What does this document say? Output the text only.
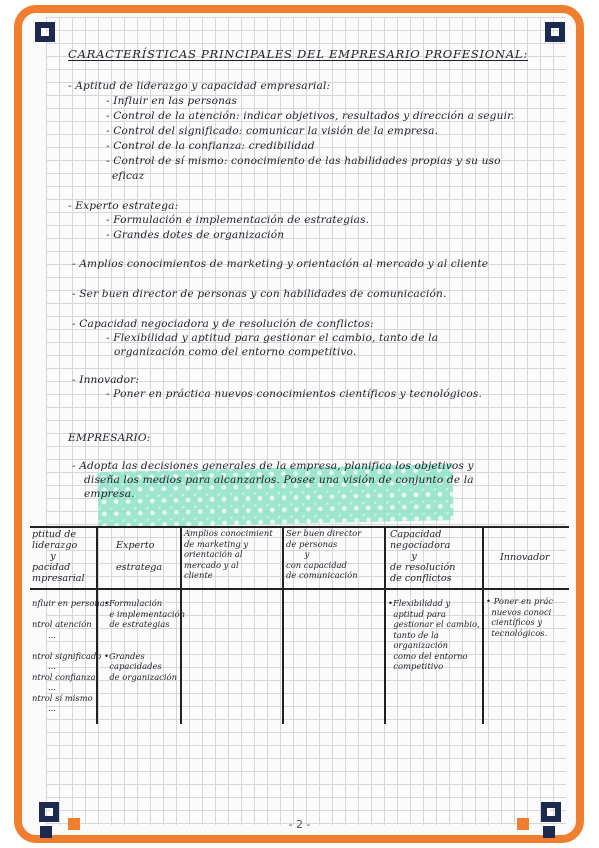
CARACTERÍSTICAS PRINCIPALES DEL EMPRESARIO PROFESIONAL:
- Aptitud de liderazgo y capacidad empresarial:
- Influir en las personas
- Control de la atención: indicar objetivos, resultados y dirección a seguir.
- Control del significado: comunicar la visión de la empresa.
- Control de la confianza: credibilidad
- Control de sí mismo: conocimiento de las habilidades propias y su uso
eficaz
- Experto estratega:
- Formulación e implementación de estrategias.
- Grandes dotes de organización
- Amplios conocimientos de marketing y orientación al mercado y al cliente
- Ser buen director de personas y con habilidades de comunicación.
- Capacidad negociadora y de resolución de conflictos:
- Flexibilidad y aptitud para gestionar el cambio, tanto de la
organización como del entorno competitivo.
- Innovador:
- Poner en práctica nuevos conocimientos científicos y tecnológicos.
EMPRESARIO:
- Adopta las decisiones generales de la empresa, planifica los objetivos y
diseña los medios para alcanzarlos. Posee una visión de conjunto de la
empresa.
ptitud de
liderazgo
y
pacidad
mpresarial
Experto

estratega
Amplios conocimient
de marketing y
orientación al
mercado y al
cliente
Ser buen director
de personas
y
con capacidad
de comunicación
Capacidad
negociadora
y
de resolución
de conflictos
Innovador
nfluir en personas

ntrol atención
...

ntrol significado
...
ntrol confianza
...
ntrol sí mismo
...
•Formulación
e implementación
de estrategias

•Grandes
capacidades
de organización
•Flexibilidad y
aptitud para
gestionar el cambio,
tanto de la
organización
como del entorno
competitivo
• Poner en prác
nuevos conoci
científicos y
tecnológicos.
- 2 -
